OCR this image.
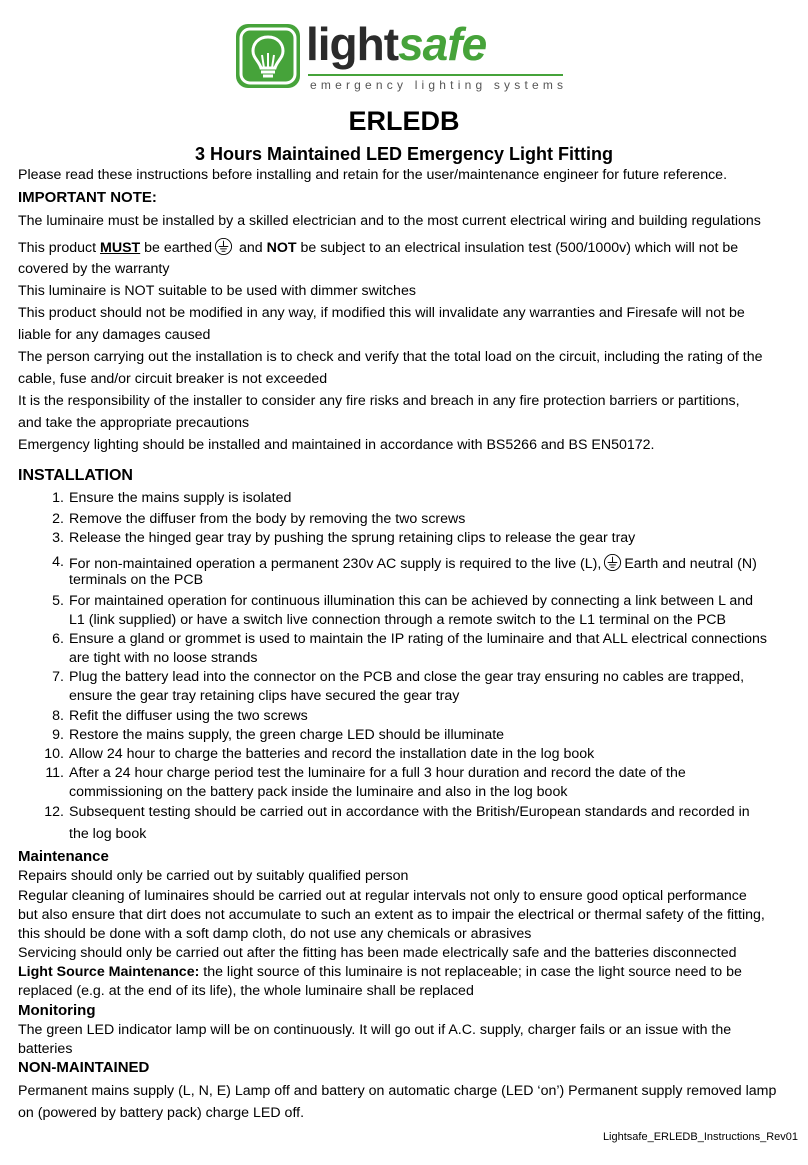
lightsafe
emergency lighting systems
ERLEDB
3 Hours Maintained LED Emergency Light Fitting
Please read these instructions before installing and retain for the user/maintenance engineer for future reference.
IMPORTANT NOTE:
The luminaire must be installed by a skilled electrician and to the most current electrical wiring and building regulations
This product MUST be earthed and NOT be subject to an electrical insulation test (500/1000v) which will not be
covered by the warranty
This luminaire is NOT suitable to be used with dimmer switches
This product should not be modified in any way, if modified this will invalidate any warranties and Firesafe will not be
liable for any damages caused
The person carrying out the installation is to check and verify that the total load on the circuit, including the rating of the
cable, fuse and/or circuit breaker is not exceeded
It is the responsibility of the installer to consider any fire risks and breach in any fire protection barriers or partitions,
and take the appropriate precautions
Emergency lighting should be installed and maintained in accordance with BS5266 and BS EN50172.
INSTALLATION
1. Ensure the mains supply is isolated
2. Remove the diffuser from the body by removing the two screws
3. Release the hinged gear tray by pushing the sprung retaining clips to release the gear tray
4. For non-maintained operation a permanent 230v AC supply is required to the live (L), Earth and neutral (N)
terminals on the PCB
5. For maintained operation for continuous illumination this can be achieved by connecting a link between L and
L1 (link supplied) or have a switch live connection through a remote switch to the L1 terminal on the PCB
6. Ensure a gland or grommet is used to maintain the IP rating of the luminaire and that ALL electrical connections
are tight with no loose strands
7. Plug the battery lead into the connector on the PCB and close the gear tray ensuring no cables are trapped,
ensure the gear tray retaining clips have secured the gear tray
8. Refit the diffuser using the two screws
9. Restore the mains supply, the green charge LED should be illuminate
10. Allow 24 hour to charge the batteries and record the installation date in the log book
11. After a 24 hour charge period test the luminaire for a full 3 hour duration and record the date of the
commissioning on the battery pack inside the luminaire and also in the log book
12. Subsequent testing should be carried out in accordance with the British/European standards and recorded in
the log book
Maintenance
Repairs should only be carried out by suitably qualified person
Regular cleaning of luminaires should be carried out at regular intervals not only to ensure good optical performance
but also ensure that dirt does not accumulate to such an extent as to impair the electrical or thermal safety of the fitting,
this should be done with a soft damp cloth, do not use any chemicals or abrasives
Servicing should only be carried out after the fitting has been made electrically safe and the batteries disconnected
Light Source Maintenance: the light source of this luminaire is not replaceable; in case the light source need to be
replaced (e.g. at the end of its life), the whole luminaire shall be replaced
Monitoring
The green LED indicator lamp will be on continuously. It will go out if A.C. supply, charger fails or an issue with the
batteries
NON-MAINTAINED
Permanent mains supply (L, N, E) Lamp off and battery on automatic charge (LED ‘on’) Permanent supply removed lamp
on (powered by battery pack) charge LED off.
Lightsafe_ERLEDB_Instructions_Rev01
